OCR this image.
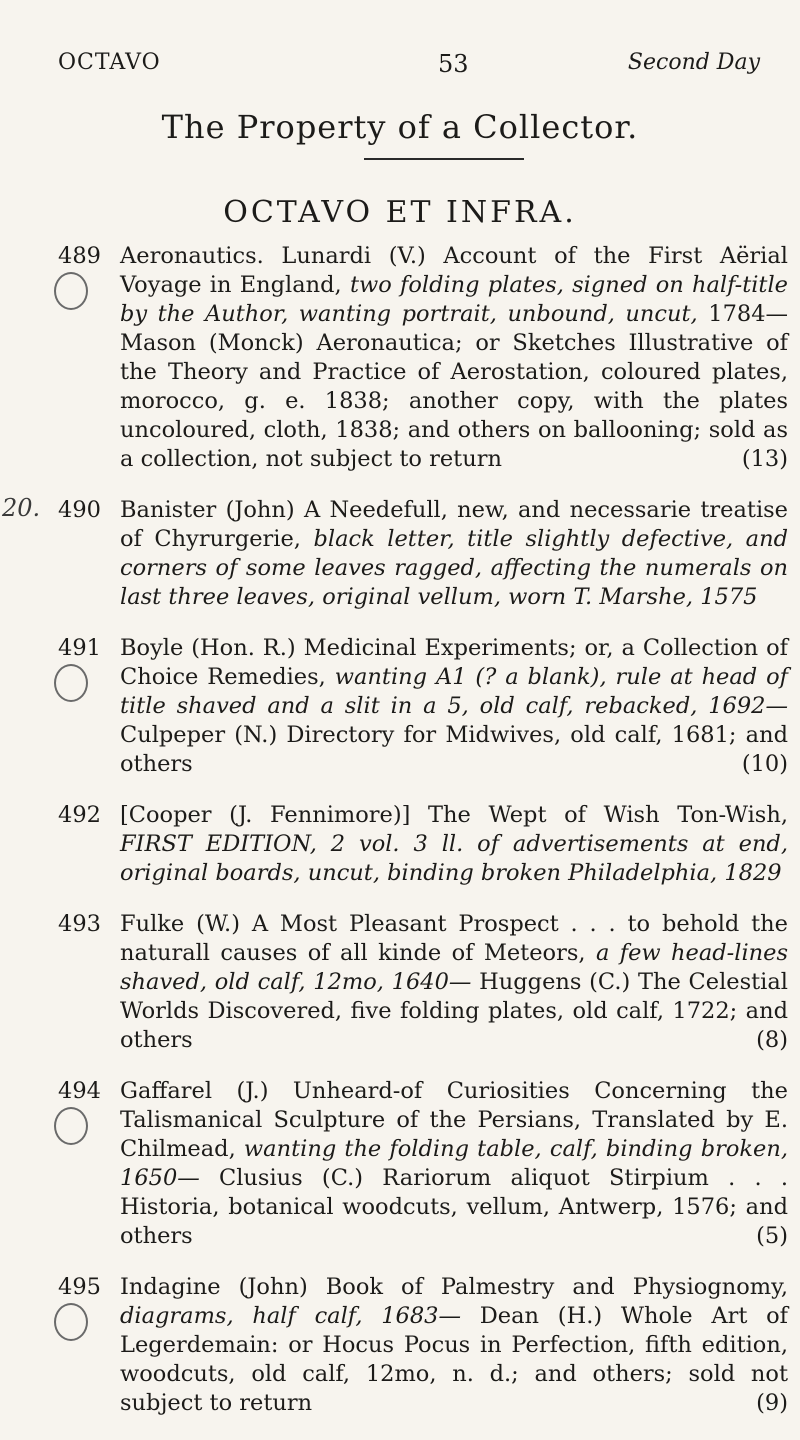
OCTAVO	53	Second Day
The Property of a Collector.
OCTAVO ET INFRA.
489 Aeronautics. Lunardi (V.) Account of the First Aërial Voyage in England, two folding plates, signed on half-title by the Author, wanting portrait, unbound, uncut, 1784—Mason (Monck) Aeronautica; or Sketches Illustrative of the Theory and Practice of Aerostation, coloured plates, morocco, g. e. 1838; another copy, with the plates uncoloured, cloth, 1838; and others on ballooning; sold as a collection, not subject to return	(13)
20. 490 Banister (John) A Needefull, new, and necessarie treatise of Chyrurgerie, black letter, title slightly defective, and corners of some leaves ragged, affecting the numerals on last three leaves, original vellum, worn T. Marshe, 1575
491 Boyle (Hon. R.) Medicinal Experiments; or, a Collection of Choice Remedies, wanting A1 (? a blank), rule at head of title shaved and a slit in a 5, old calf, rebacked, 1692— Culpeper (N.) Directory for Midwives, old calf, 1681; and others	(10)
492 [Cooper (J. Fennimore)] The Wept of Wish Ton-Wish, FIRST EDITION, 2 vol. 3 ll. of advertisements at end, original boards, uncut, binding broken Philadelphia, 1829
493 Fulke (W.) A Most Pleasant Prospect . . . to behold the naturall causes of all kinde of Meteors, a few head-lines shaved, old calf, 12mo, 1640— Huggens (C.) The Celestial Worlds Discovered, five folding plates, old calf, 1722; and others	(8)
494 Gaffarel (J.) Unheard-of Curiosities Concerning the Talismanical Sculpture of the Persians, Translated by E. Chilmead, wanting the folding table, calf, binding broken, 1650— Clusius (C.) Rariorum aliquot Stirpium . . . Historia, botanical woodcuts, vellum, Antwerp, 1576; and others	(5)
495 Indagine (John) Book of Palmestry and Physiognomy, diagrams, half calf, 1683— Dean (H.) Whole Art of Legerdemain: or Hocus Pocus in Perfection, fifth edition, woodcuts, old calf, 12mo, n. d.; and others; sold not subject to return	(9)
